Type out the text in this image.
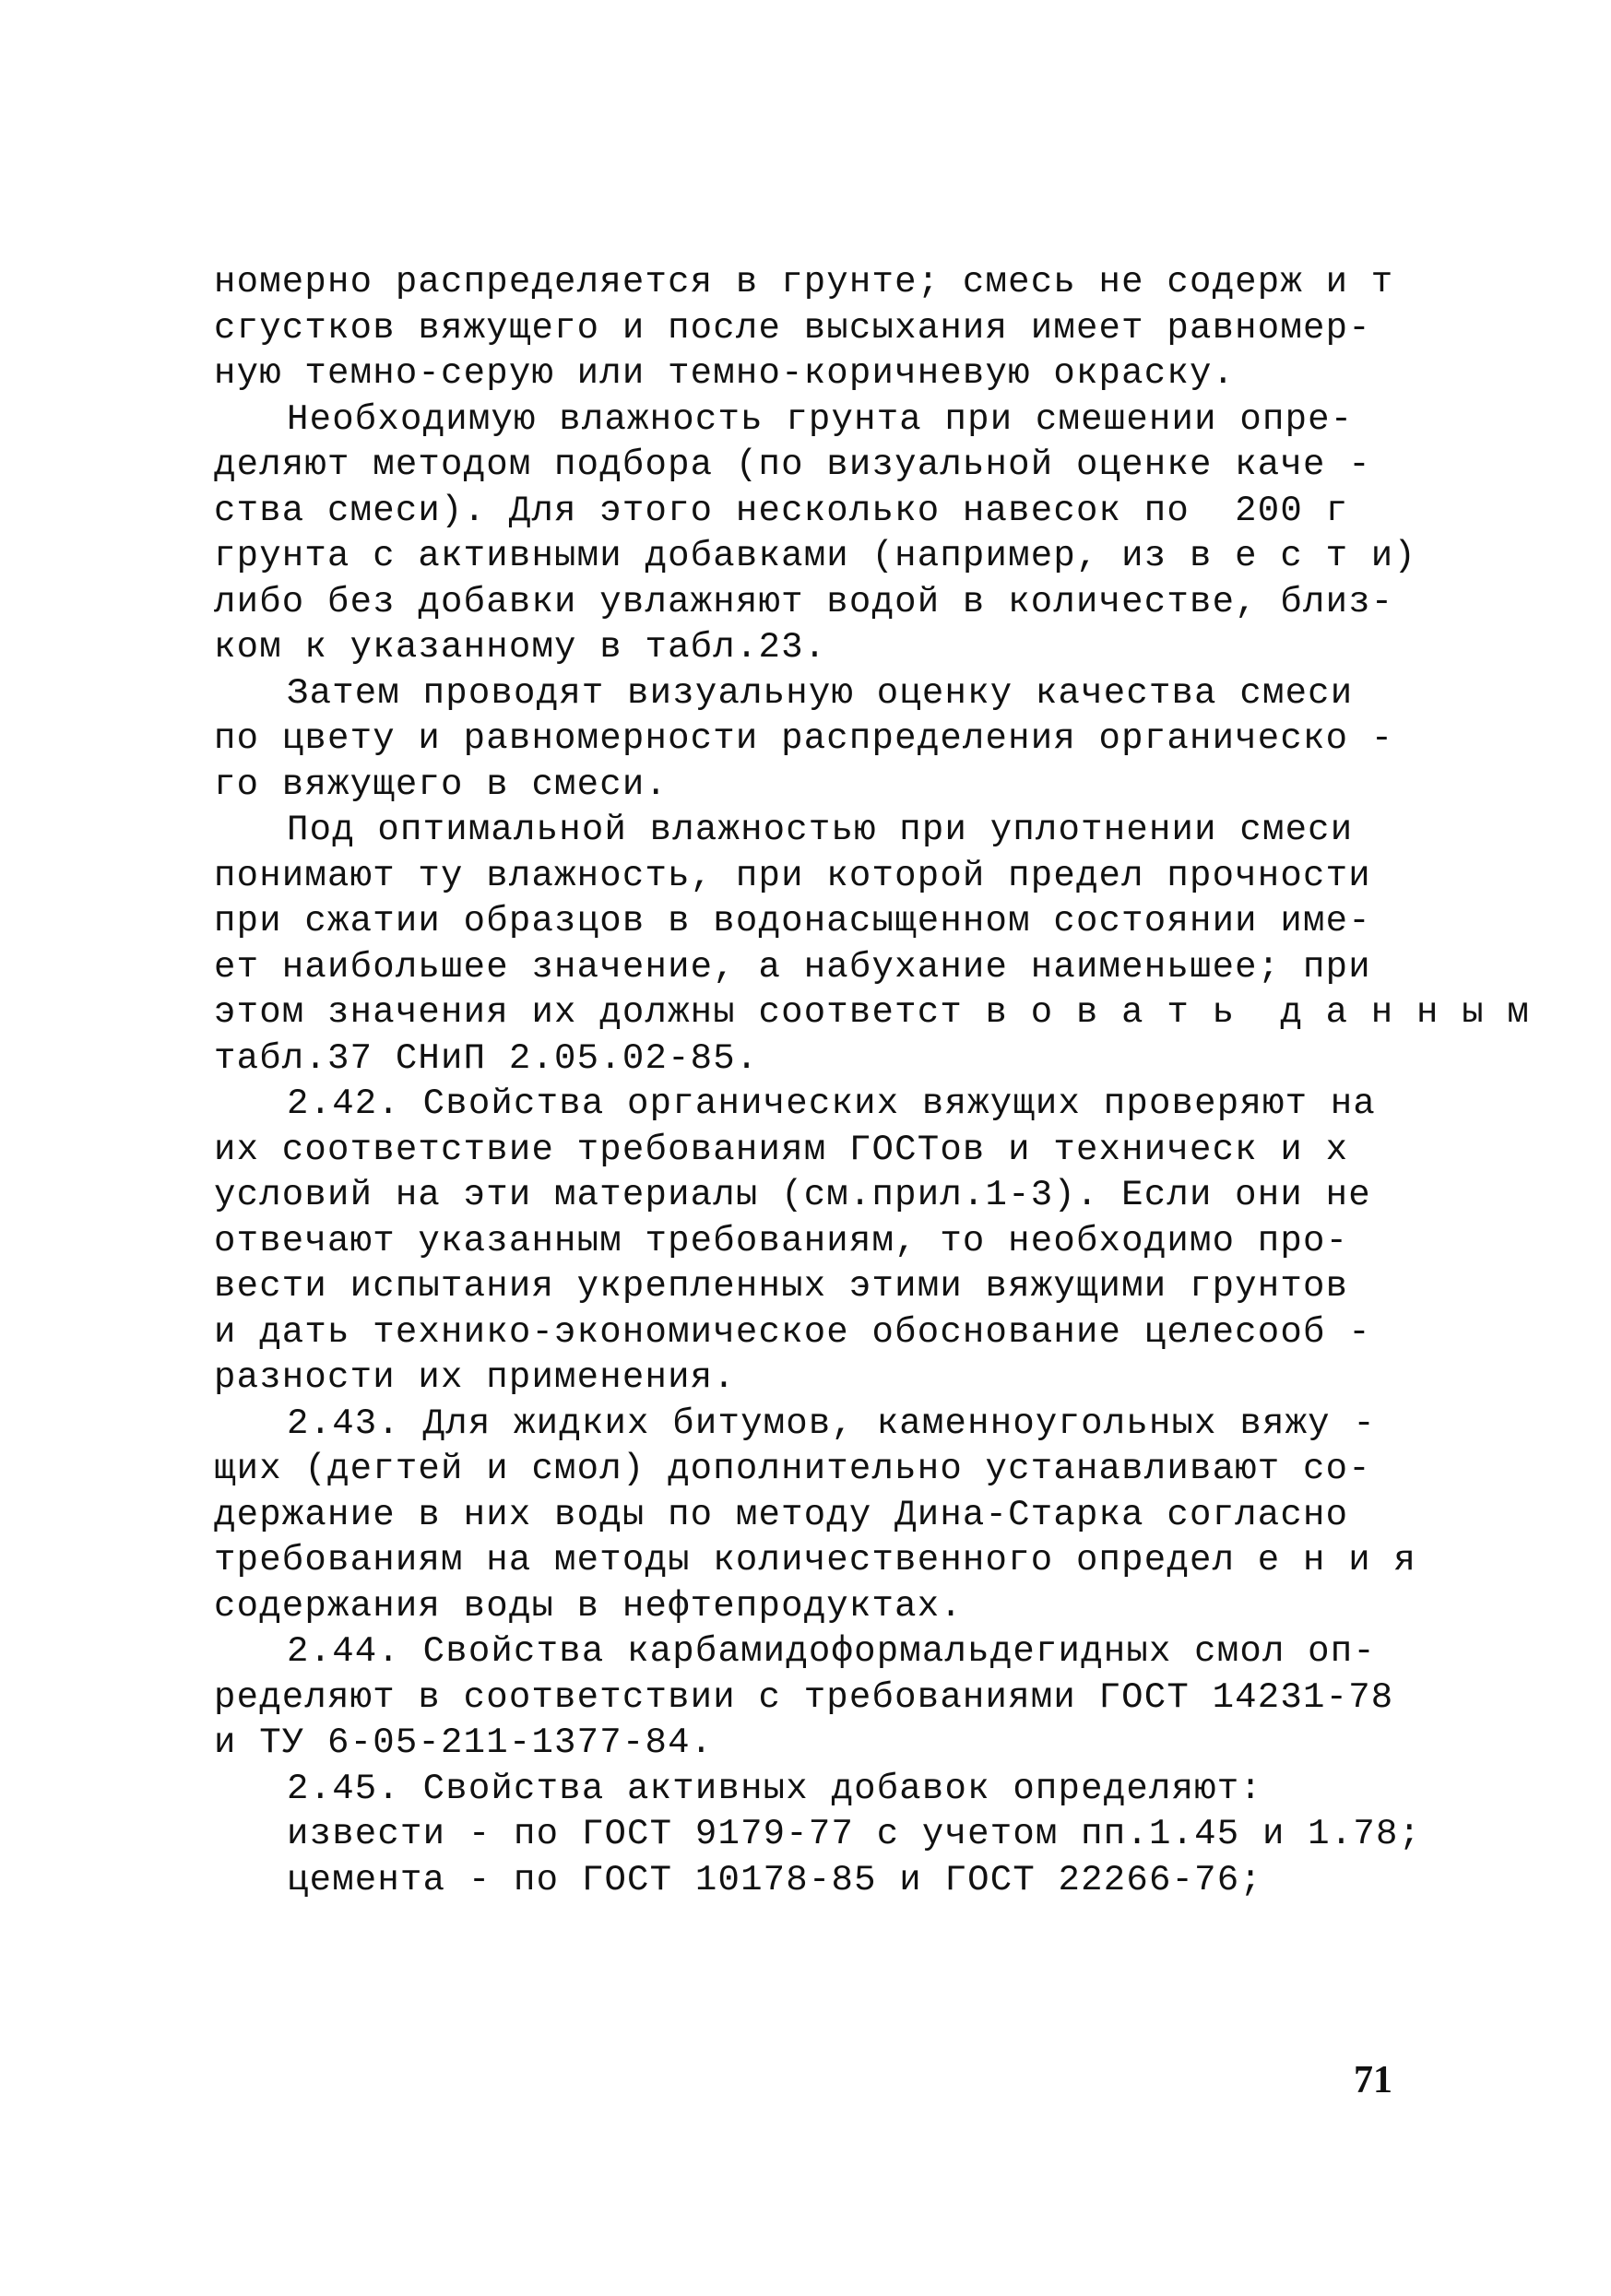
номерно распределяется в грунте; смесь не содерж и т
сгустков вяжущего и после высыхания имеет равномер-
ную темно-серую или темно-коричневую окраску.
Необходимую влажность грунта при смешении опре-
деляют методом подбора (по визуальной оценке каче -
ства смеси). Для этого несколько навесок по  200 г
грунта с активными добавками (например, из в е с т и)
либо без добавки увлажняют водой в количестве, близ-
ком к указанному в табл.23.
Затем проводят визуальную оценку качества смеси
по цвету и равномерности распределения органическо -
го вяжущего в смеси.
Под оптимальной влажностью при уплотнении смеси
понимают ту влажность, при которой предел прочности
при сжатии образцов в водонасыщенном состоянии име-
ет наибольшее значение, а набухание наименьшее; при
этом значения их должны соответст в о в а т ь  д а н н ы м
табл.37 СНиП 2.05.02-85.
2.42. Свойства органических вяжущих проверяют на
их соответствие требованиям ГОСТов и техническ и х
условий на эти материалы (см.прил.1-3). Если они не
отвечают указанным требованиям, то необходимо про-
вести испытания укрепленных этими вяжущими грунтов
и дать технико-экономическое обоснование целесооб -
разности их применения.
2.43. Для жидких битумов, каменноугольных вяжу -
щих (дегтей и смол) дополнительно устанавливают со-
держание в них воды по методу Дина-Старка согласно
требованиям на методы количественного определ е н и я
содержания воды в нефтепродуктах.
2.44. Свойства карбамидоформальдегидных смол оп-
ределяют в соответствии с требованиями ГОСТ 14231-78
и ТУ 6-05-211-1377-84.
2.45. Свойства активных добавок определяют:
извести - по ГОСТ 9179-77 с учетом пп.1.45 и 1.78;
цемента - по ГОСТ 10178-85 и ГОСТ 22266-76;
71
